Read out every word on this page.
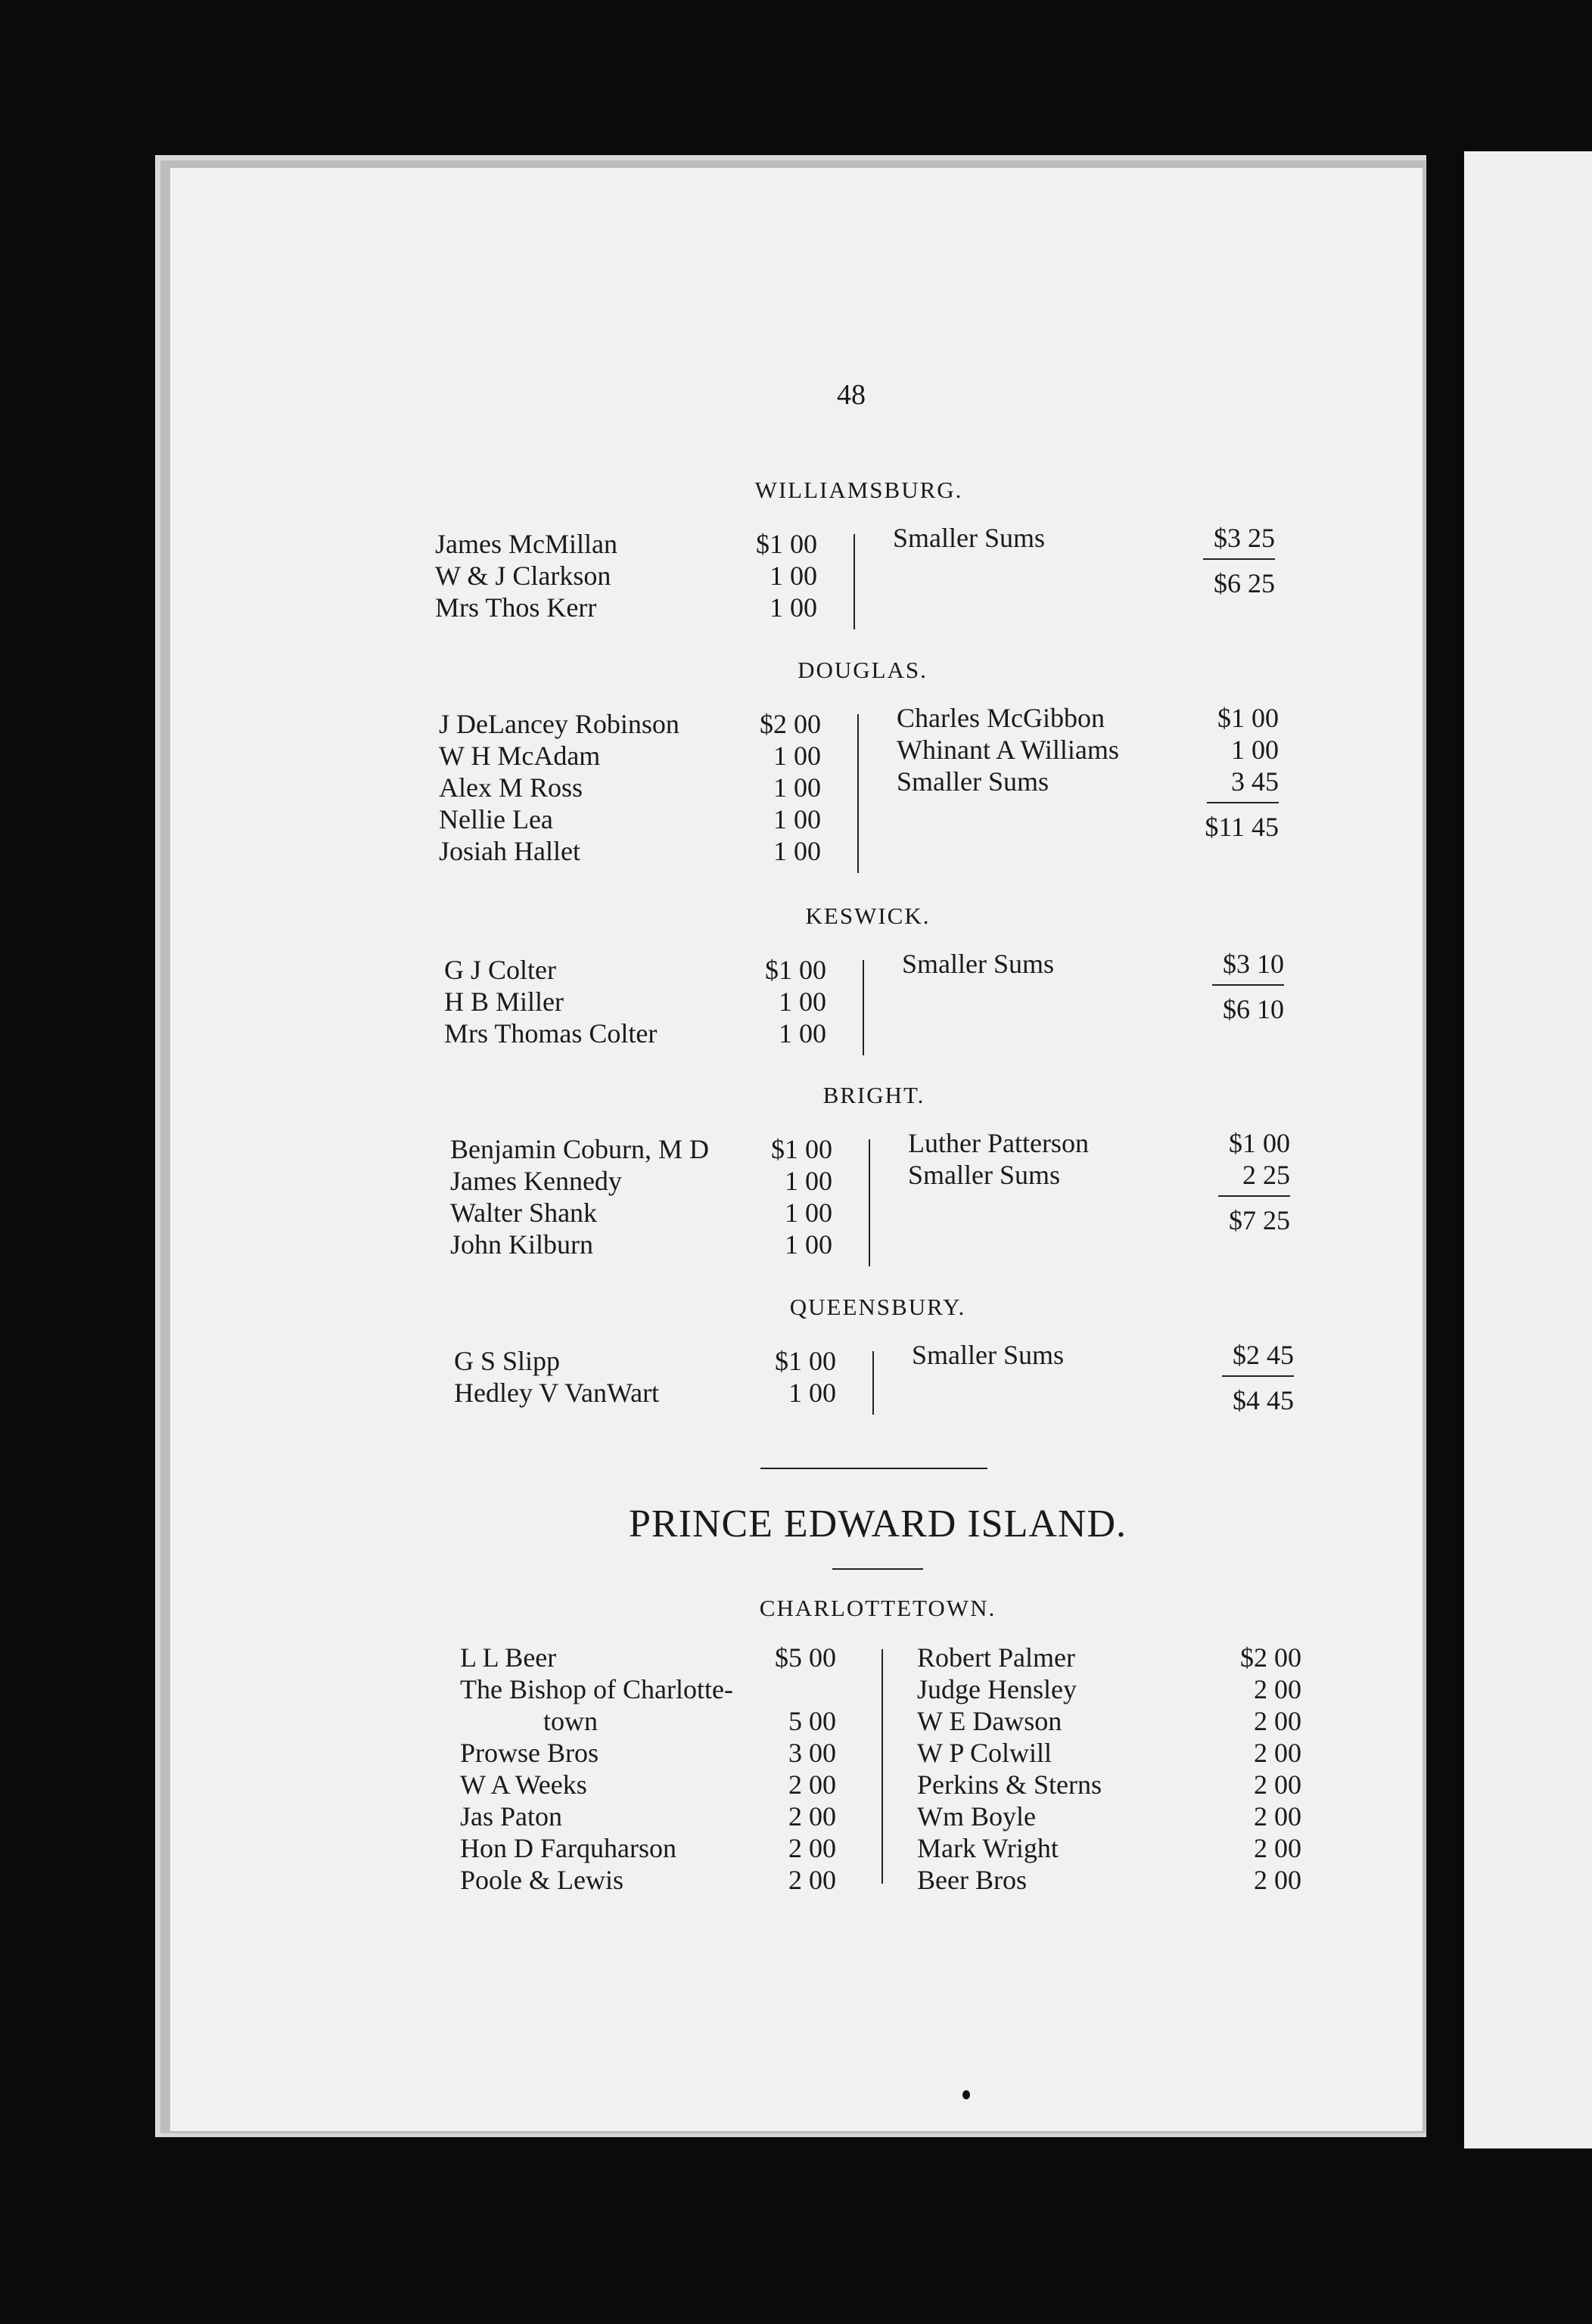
48
WILLIAMSBURG.
James McMillan	$1 00
W & J Clarkson	1 00
Mrs Thos Kerr	1 00
Smaller Sums	$3 25
$6 25
DOUGLAS.
J DeLancey Robinson	$2 00
W H McAdam	1 00
Alex M Ross	1 00
Nellie Lea	1 00
Josiah Hallet	1 00
Charles McGibbon	$1 00
Whinant A Williams	1 00
Smaller Sums	3 45
$11 45
KESWICK.
G J Colter	$1 00
H B Miller	1 00
Mrs Thomas Colter	1 00
Smaller Sums	$3 10
$6 10
BRIGHT.
Benjamin Coburn, M D	$1 00
James Kennedy	1 00
Walter Shank	1 00
John Kilburn	1 00
Luther Patterson	$1 00
Smaller Sums	2 25
$7 25
QUEENSBURY.
G S Slipp	$1 00
Hedley V VanWart	1 00
Smaller Sums	$2 45
$4 45
PRINCE EDWARD ISLAND.
CHARLOTTETOWN.
L L Beer	$5 00
The Bishop of Charlotte-
town	5 00
Prowse Bros	3 00
W A Weeks	2 00
Jas Paton	2 00
Hon D Farquharson	2 00
Poole & Lewis	2 00
Robert Palmer	$2 00
Judge Hensley	2 00
W E Dawson	2 00
W P Colwill	2 00
Perkins & Sterns	2 00
Wm Boyle	2 00
Mark Wright	2 00
Beer Bros	2 00
